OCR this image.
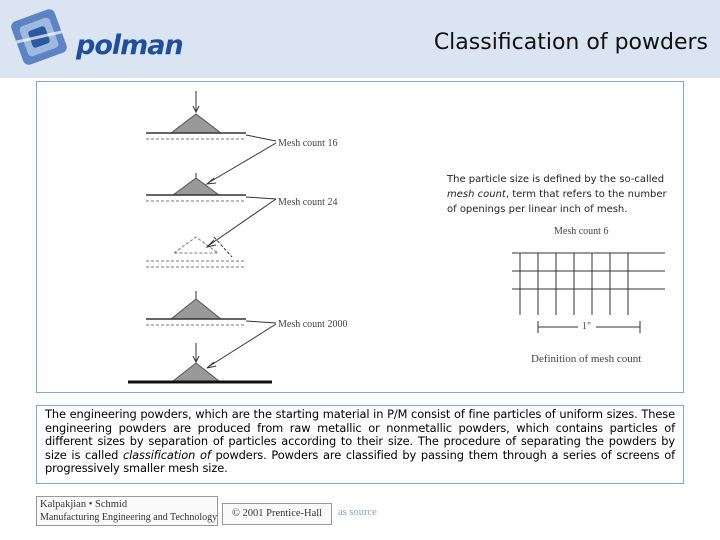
polman	Classification of powders
Mesh count 16
Mesh count 24
Mesh count 2000
The particle size is defined by the so-called mesh count, term that refers to the number of openings per linear inch of mesh.
Mesh count 6
1"
Definition of mesh count
The engineering powders, which are the starting material in P/M consist of fine particles of uniform sizes. These engineering powders are produced from raw metallic or nonmetallic powders, which contains particles of different sizes by separation of particles according to their size. The procedure of separating the powders by size is called classification of powders. Powders are classified by passing them through a series of screens of progressively smaller mesh size.
Kalpakjian • Schmid
Manufacturing Engineering and Technology	© 2001 Prentice-Hall	as source
